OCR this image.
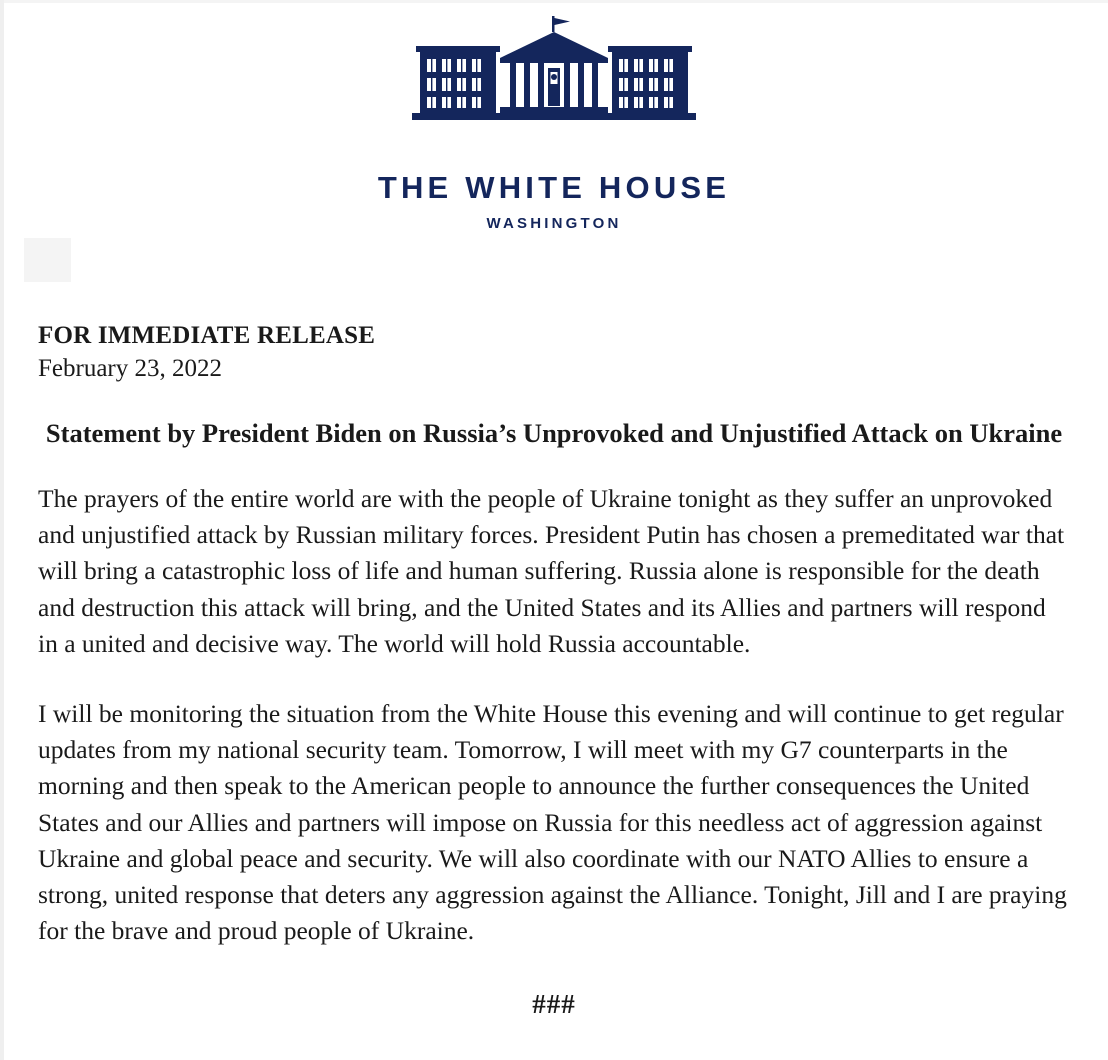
THE WHITE HOUSE
WASHINGTON
FOR IMMEDIATE RELEASE
February 23, 2022
Statement by President Biden on Russia’s Unprovoked and Unjustified Attack on Ukraine

The prayers of the entire world are with the people of Ukraine tonight as they suffer an unprovoked and unjustified attack by Russian military forces. President Putin has chosen a premeditated war that will bring a catastrophic loss of life and human suffering. Russia alone is responsible for the death and destruction this attack will bring, and the United States and its Allies and partners will respond in a united and decisive way. The world will hold Russia accountable.

I will be monitoring the situation from the White House this evening and will continue to get regular updates from my national security team. Tomorrow, I will meet with my G7 counterparts in the morning and then speak to the American people to announce the further consequences the United States and our Allies and partners will impose on Russia for this needless act of aggression against Ukraine and global peace and security. We will also coordinate with our NATO Allies to ensure a strong, united response that deters any aggression against the Alliance. Tonight, Jill and I are praying for the brave and proud people of Ukraine.

###
